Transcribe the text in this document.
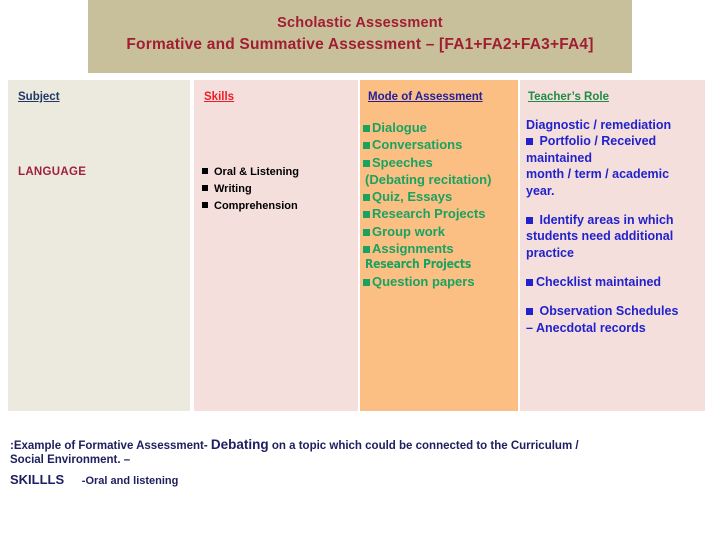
Scholastic Assessment
Formative and Summative Assessment – [FA1+FA2+FA3+FA4]
Subject
LANGUAGE
Skills
Oral & Listening
Writing
Comprehension
Mode of Assessment
Dialogue
Conversations
Speeches
(Debating recitation)
Quiz, Essays
Research Projects
Group work
Assignments
Research Projects
Question papers
Teacher’s Role
Diagnostic / remediation
Portfolio / Received
maintained
month / term / academic
year.
Identify areas in which
students need additional
practice
Checklist maintained
Observation Schedules
– Anecdotal records
:Example of Formative Assessment- Debating on a topic which could be connected to the Curriculum /
Social Environment. –
SKILLLS -Oral and listening
